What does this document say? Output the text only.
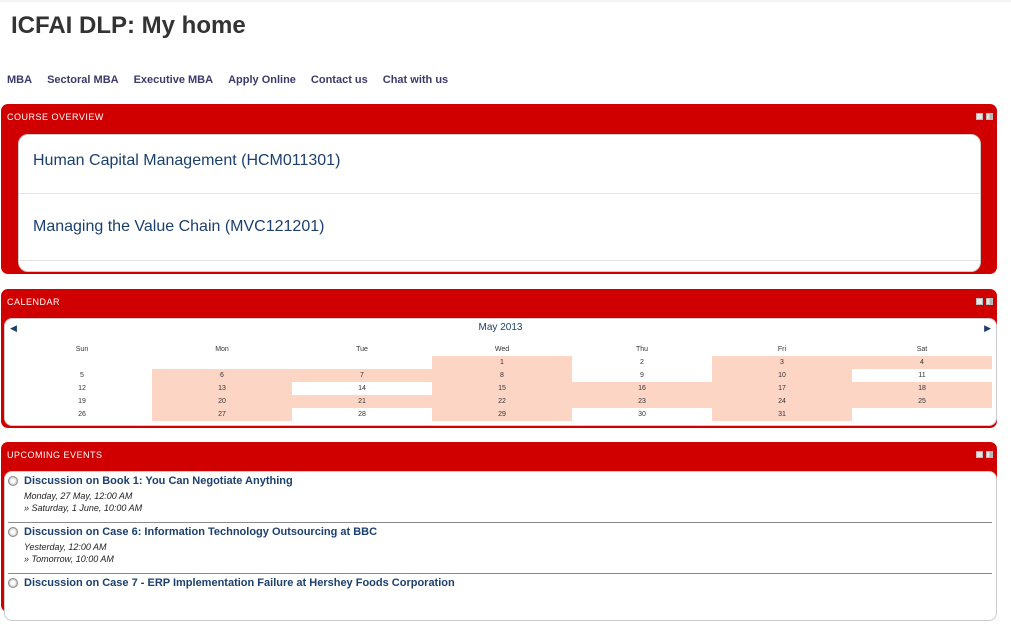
ICFAI DLP: My home
MBA Sectoral MBA Executive MBA Apply Online Contact us Chat with us
COURSE OVERVIEW
Human Capital Management (HCM011301)
Managing the Value Chain (MVC121201)
CALENDAR
◀	May 2013	▶
Sun	Mon	Tue	Wed	Thu	Fri	Sat
			1	2	3	4
5	6	7	8	9	10	11
12	13	14	15	16	17	18
19	20	21	22	23	24	25
26	27	28	29	30	31	
UPCOMING EVENTS
Discussion on Book 1: You Can Negotiate Anything
Monday, 27 May, 12:00 AM
» Saturday, 1 June, 10:00 AM
Discussion on Case 6: Information Technology Outsourcing at BBC
Yesterday, 12:00 AM
» Tomorrow, 10:00 AM
Discussion on Case 7 - ERP Implementation Failure at Hershey Foods Corporation
